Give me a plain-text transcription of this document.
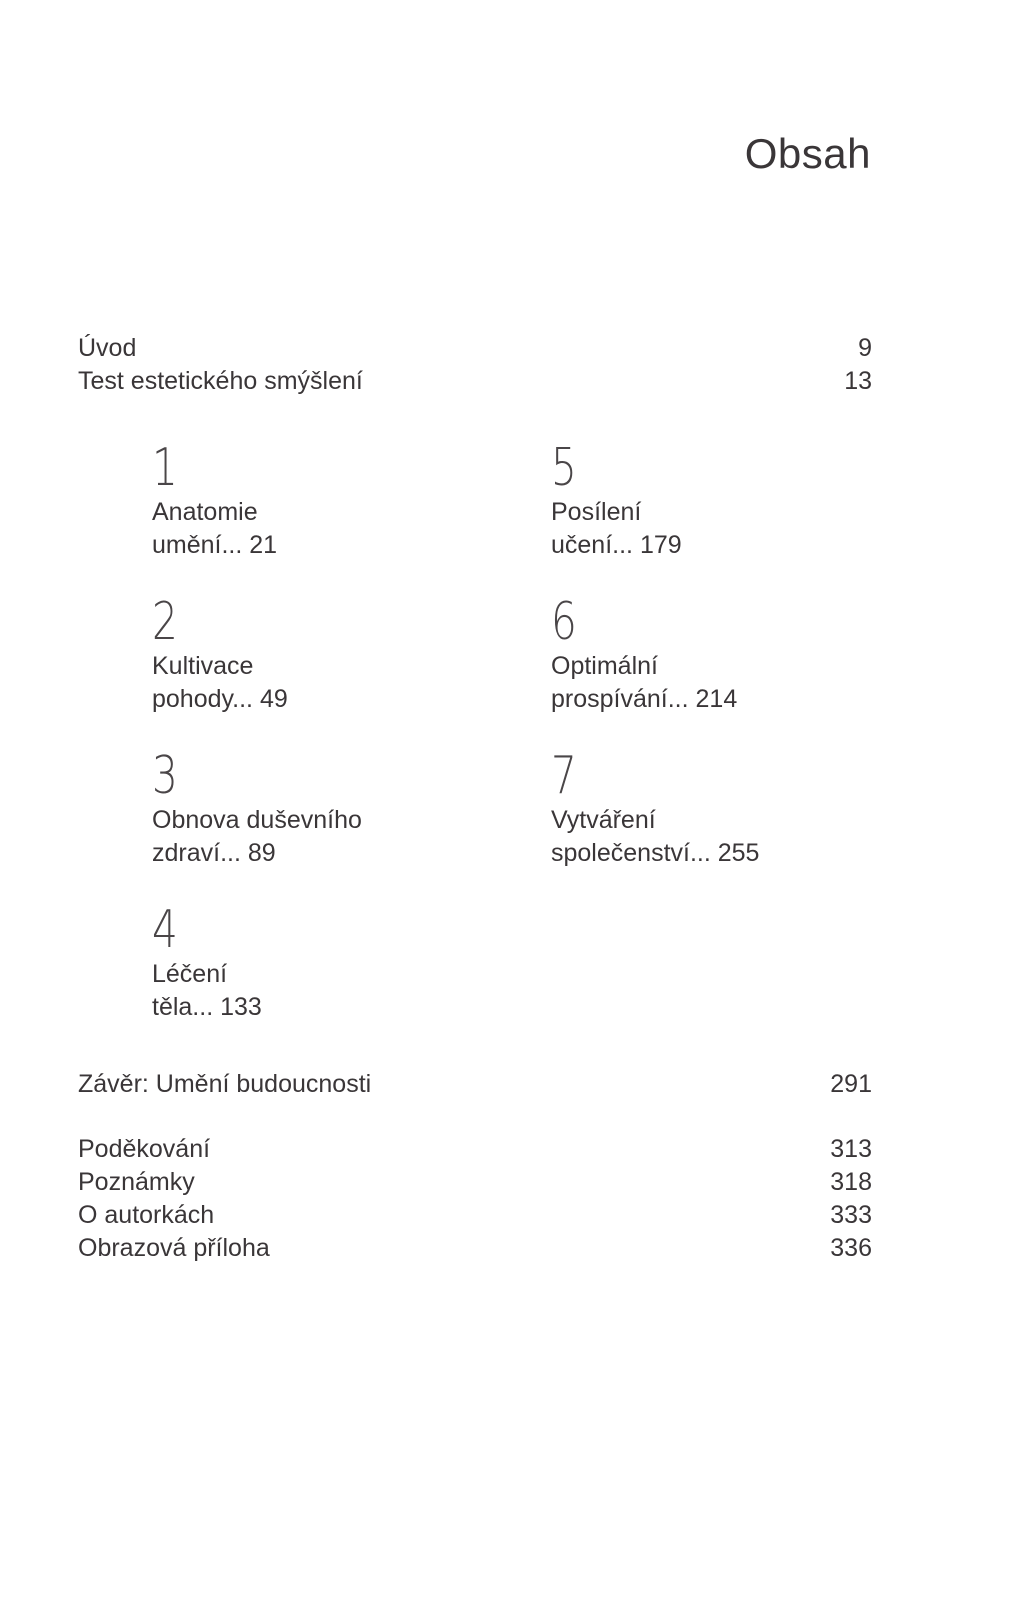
Obsah
Úvod	9
Test estetického smýšlení	13
1
Anatomie
umění... 21
2
Kultivace
pohody... 49
3
Obnova duševního
zdraví... 89
4
Léčení
těla... 133
5
Posílení
učení... 179
6
Optimální
prospívání... 214
7
Vytváření
společenství... 255
Závěr: Umění budoucnosti	291
Poděkování	313
Poznámky	318
O autorkách	333
Obrazová příloha	336
